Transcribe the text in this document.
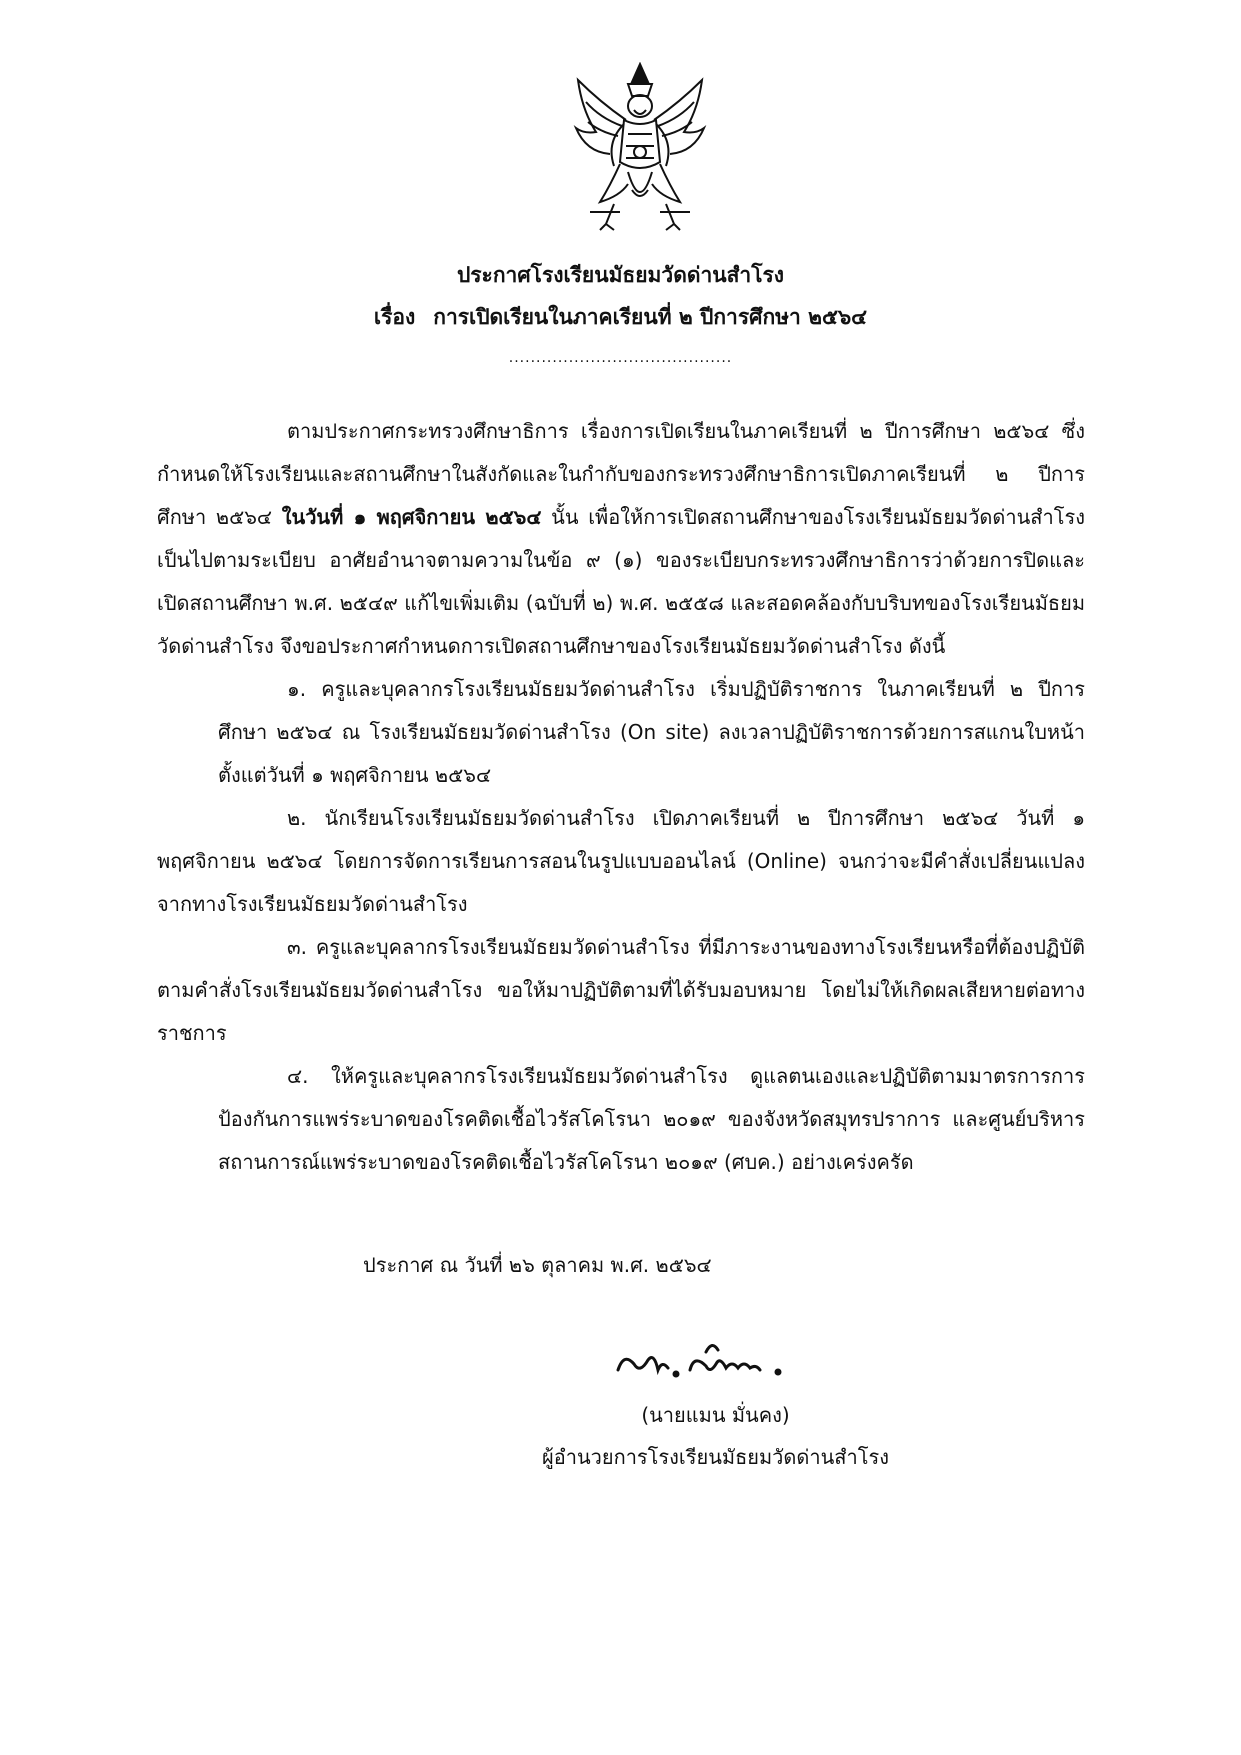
ประกาศโรงเรียนมัธยมวัดด่านสำโรง
เรื่อง การเปิดเรียนในภาคเรียนที่ ๒ ปีการศึกษา ๒๕๖๔
.........................................

ตามประกาศกระทรวงศึกษาธิการ เรื่องการเปิดเรียนในภาคเรียนที่ ๒ ปีการศึกษา ๒๕๖๔ ซึ่งกำหนดให้โรงเรียนและสถานศึกษาในสังกัดและในกำกับของกระทรวงศึกษาธิการเปิดภาคเรียนที่ ๒ ปีการศึกษา ๒๕๖๔ ในวันที่ ๑ พฤศจิกายน ๒๕๖๔ นั้น เพื่อให้การเปิดสถานศึกษาของโรงเรียนมัธยมวัดด่านสำโรงเป็นไปตามระเบียบ อาศัยอำนาจตามความในข้อ ๙ (๑) ของระเบียบกระทรวงศึกษาธิการว่าด้วยการปิดและเปิดสถานศึกษา พ.ศ. ๒๕๔๙ แก้ไขเพิ่มเติม (ฉบับที่ ๒) พ.ศ. ๒๕๕๘ และสอดคล้องกับบริบทของโรงเรียนมัธยมวัดด่านสำโรง จึงขอประกาศกำหนดการเปิดสถานศึกษาของโรงเรียนมัธยมวัดด่านสำโรง ดังนี้

๑. ครูและบุคลากรโรงเรียนมัธยมวัดด่านสำโรง เริ่มปฏิบัติราชการ ในภาคเรียนที่ ๒ ปีการศึกษา ๒๕๖๔ ณ โรงเรียนมัธยมวัดด่านสำโรง (On site) ลงเวลาปฏิบัติราชการด้วยการสแกนใบหน้า ตั้งแต่วันที่ ๑ พฤศจิกายน ๒๕๖๔

๒. นักเรียนโรงเรียนมัธยมวัดด่านสำโรง เปิดภาคเรียนที่ ๒ ปีการศึกษา ๒๕๖๔ วันที่ ๑ พฤศจิกายน ๒๕๖๔ โดยการจัดการเรียนการสอนในรูปแบบออนไลน์ (Online) จนกว่าจะมีคำสั่งเปลี่ยนแปลงจากทางโรงเรียนมัธยมวัดด่านสำโรง

๓. ครูและบุคลากรโรงเรียนมัธยมวัดด่านสำโรง ที่มีภาระงานของทางโรงเรียนหรือที่ต้องปฏิบัติตามคำสั่งโรงเรียนมัธยมวัดด่านสำโรง ขอให้มาปฏิบัติตามที่ได้รับมอบหมาย โดยไม่ให้เกิดผลเสียหายต่อทางราชการ

๔. ให้ครูและบุคลากรโรงเรียนมัธยมวัดด่านสำโรง ดูแลตนเองและปฏิบัติตามมาตรการการป้องกันการแพร่ระบาดของโรคติดเชื้อไวรัสโคโรนา ๒๐๑๙ ของจังหวัดสมุทรปราการ และศูนย์บริหารสถานการณ์แพร่ระบาดของโรคติดเชื้อไวรัสโคโรนา ๒๐๑๙ (ศบค.) อย่างเคร่งครัด

ประกาศ ณ วันที่ ๒๖ ตุลาคม พ.ศ. ๒๕๖๔
(นายแมน มั่นคง)
ผู้อำนวยการโรงเรียนมัธยมวัดด่านสำโรง
